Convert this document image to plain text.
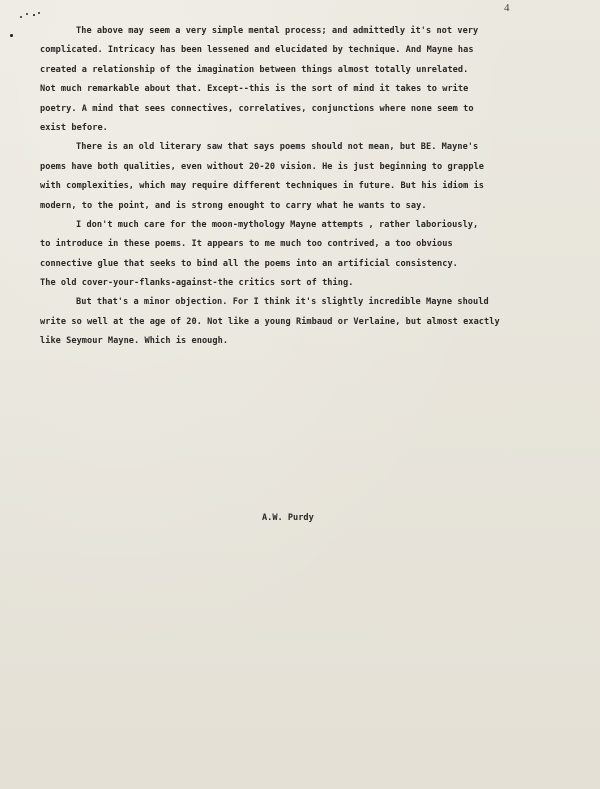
4
The above may seem a very simple mental process; and admittedly it's not very
complicated. Intricacy has been lessened and elucidated by technique. And Mayne has
created a relationship of the imagination between things almost totally unrelated.
Not much remarkable about that. Except--this is the sort of mind it takes to write
poetry. A mind that sees connectives, correlatives, conjunctions where none seem to
exist before.
There is an old literary saw that says poems should not mean, but BE. Mayne's
poems have both qualities, even without 20-20 vision. He is just beginning to grapple
with complexities, which may require different techniques in future. But his idiom is
modern, to the point, and is strong enought to carry what he wants to say.
I don't much care for the moon-mythology Mayne attempts , rather laboriously,
to introduce in these poems. It appears to me much too contrived, a too obvious
connective glue that seeks to bind all the poems into an artificial consistency.
The old cover-your-flanks-against-the critics sort of thing.
But that's a minor objection. For I think it's slightly incredible Mayne should
write so well at the age of 20. Not like a young Rimbaud or Verlaine, but almost exactly
like Seymour Mayne. Which is enough.
A.W. Purdy
